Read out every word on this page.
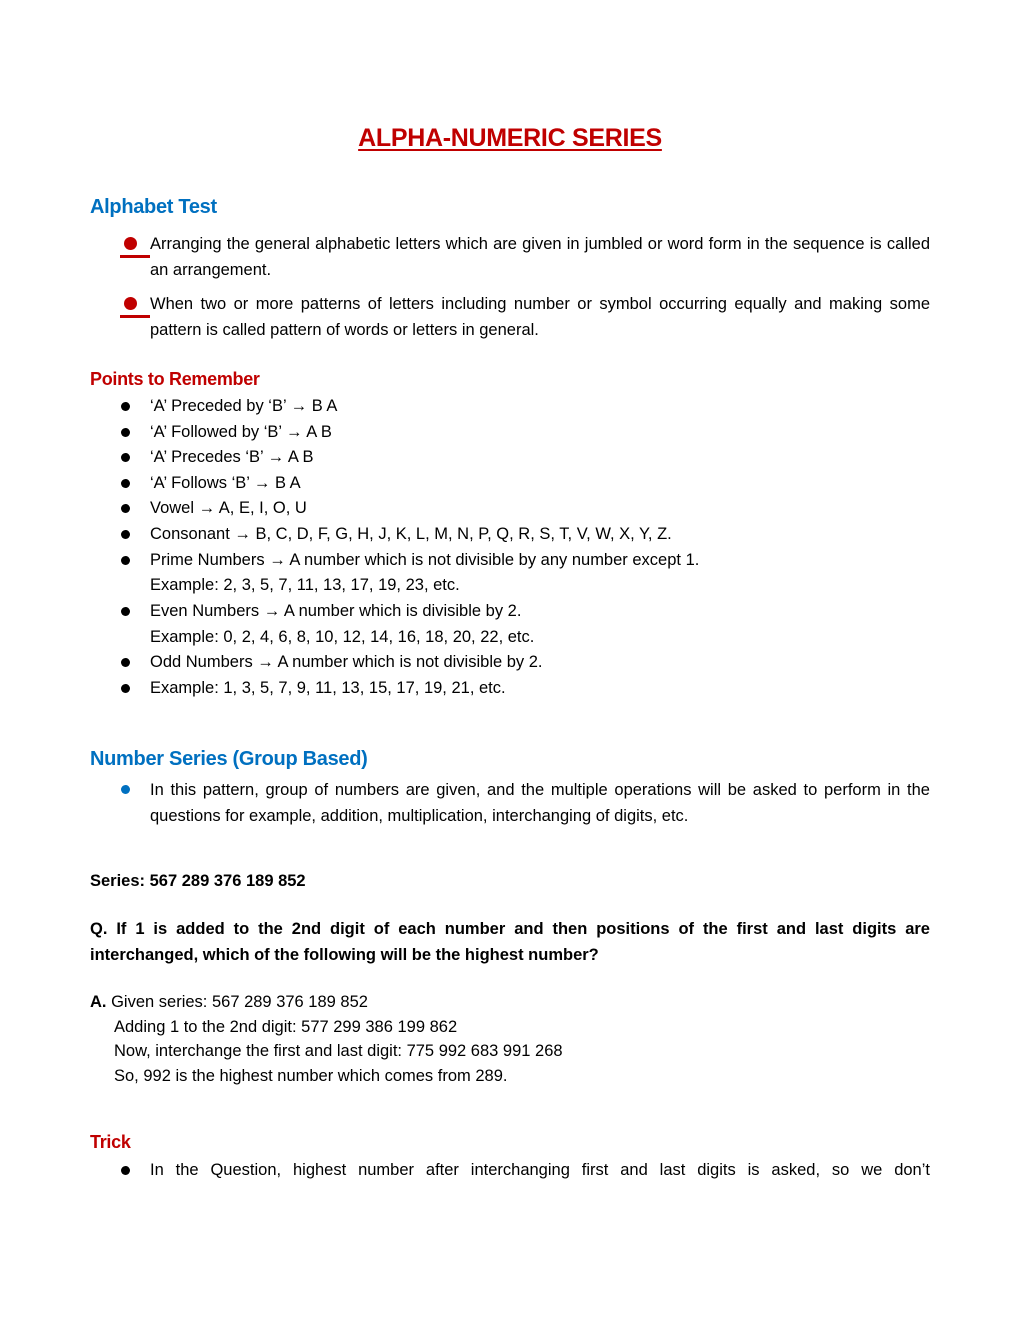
ALPHA-NUMERIC SERIES
Alphabet Test
Arranging the general alphabetic letters which are given in jumbled or word form in the sequence is called an arrangement.
When two or more patterns of letters including number or symbol occurring equally and making some pattern is called pattern of words or letters in general.
Points to Remember
‘A’ Preceded by ‘B’ → B A
‘A’ Followed by ‘B’ → A B
‘A’ Precedes ‘B’ → A B
‘A’ Follows ‘B’ → B A
Vowel → A, E, I, O, U
Consonant → B, C, D, F, G, H, J, K, L, M, N, P, Q, R, S, T, V, W, X, Y, Z.
Prime Numbers → A number which is not divisible by any number except 1.
Example: 2, 3, 5, 7, 11, 13, 17, 19, 23, etc.
Even Numbers → A number which is divisible by 2.
Example: 0, 2, 4, 6, 8, 10, 12, 14, 16, 18, 20, 22, etc.
Odd Numbers → A number which is not divisible by 2.
Example: 1, 3, 5, 7, 9, 11, 13, 15, 17, 19, 21, etc.
Number Series (Group Based)
In this pattern, group of numbers are given, and the multiple operations will be asked to perform in the questions for example, addition, multiplication, interchanging of digits, etc.
Series: 567 289 376 189 852
Q. If 1 is added to the 2nd digit of each number and then positions of the first and last digits are interchanged, which of the following will be the highest number?
A. Given series: 567 289 376 189 852
Adding 1 to the 2nd digit: 577 299 386 199 862
Now, interchange the first and last digit: 775 992 683 991 268
So, 992 is the highest number which comes from 289.
Trick
In the Question, highest number after interchanging first and last digits is asked, so we don’t
